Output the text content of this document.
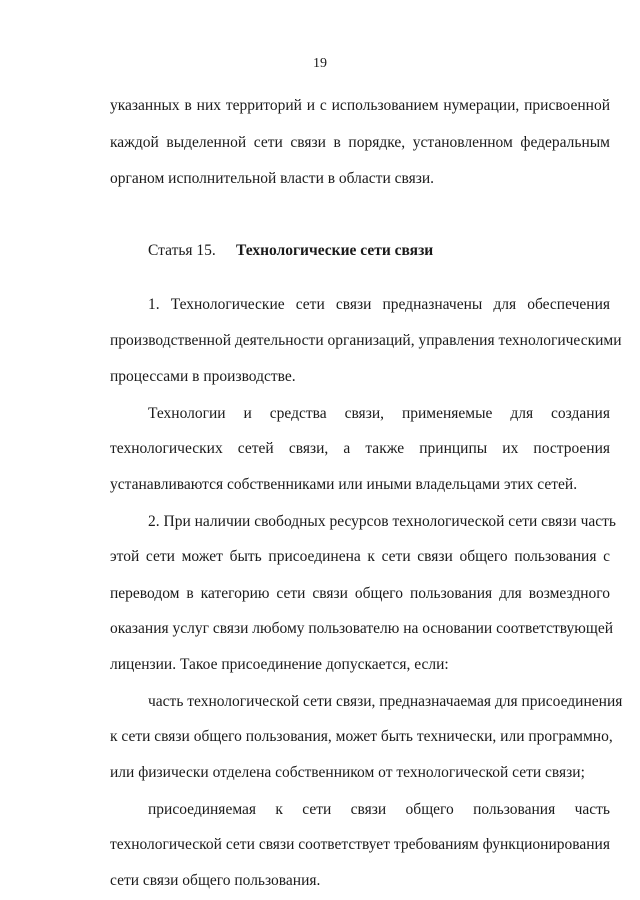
19
указанных в них территорий и с использованием нумерации, присвоенной
каждой выделенной сети связи в порядке, установленном федеральным
органом исполнительной власти в области связи.
Статья 15. Технологические сети связи
1. Технологические сети связи предназначены для обеспечения
производственной деятельности организаций, управления технологическими
процессами в производстве.
Технологии и средства связи, применяемые для создания
технологических сетей связи, а также принципы их построения
устанавливаются собственниками или иными владельцами этих сетей.
2. При наличии свободных ресурсов технологической сети связи часть
этой сети может быть присоединена к сети связи общего пользования с
переводом в категорию сети связи общего пользования для возмездного
оказания услуг связи любому пользователю на основании соответствующей
лицензии. Такое присоединение допускается, если:
часть технологической сети связи, предназначаемая для присоединения
к сети связи общего пользования, может быть технически, или программно,
или физически отделена собственником от технологической сети связи;
присоединяемая к сети связи общего пользования часть
технологической сети связи соответствует требованиям функционирования
сети связи общего пользования.
